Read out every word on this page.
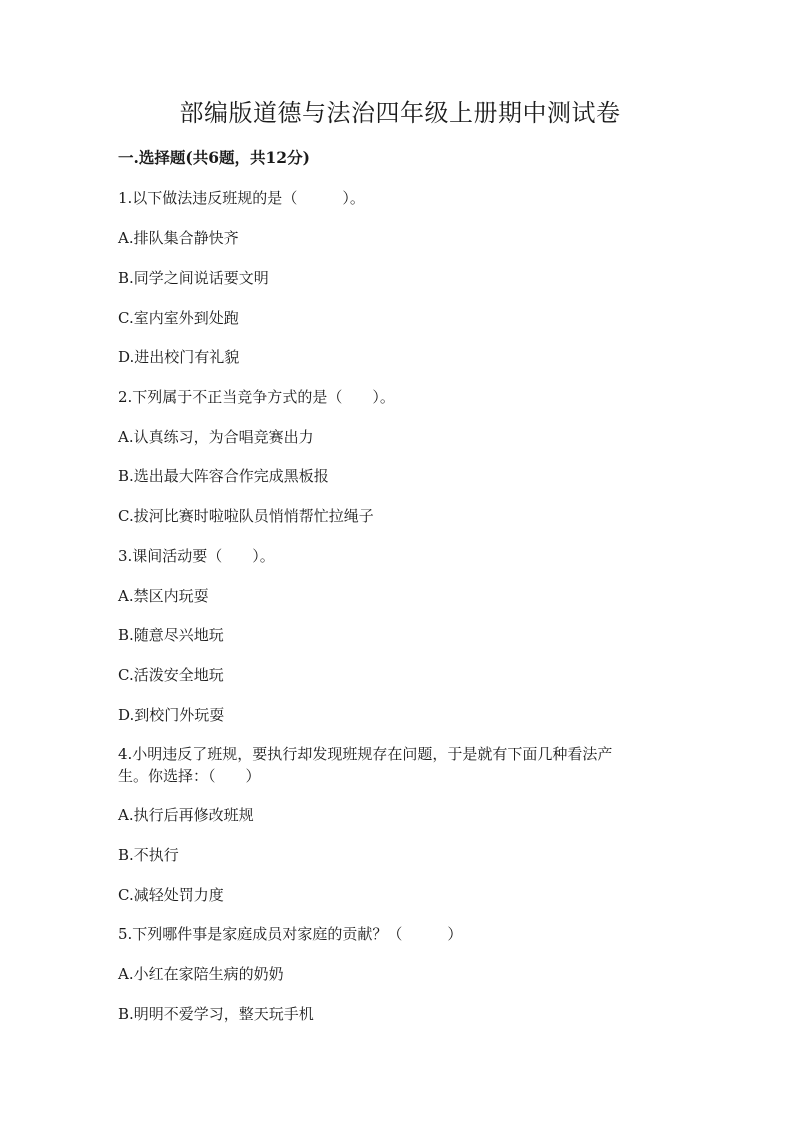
部编版道德与法治四年级上册期中测试卷

一.选择题(共6题，共12分)

1.以下做法违反班规的是（　　　）。

A.排队集合静快齐

B.同学之间说话要文明

C.室内室外到处跑

D.进出校门有礼貌

2.下列属于不正当竞争方式的是（　　）。

A.认真练习，为合唱竞赛出力

B.选出最大阵容合作完成黑板报

C.拔河比赛时啦啦队员悄悄帮忙拉绳子

3.课间活动要（　　）。

A.禁区内玩耍

B.随意尽兴地玩

C.活泼安全地玩

D.到校门外玩耍

4.小明违反了班规，要执行却发现班规存在问题，于是就有下面几种看法产

生。你选择：（　　）

A.执行后再修改班规

B.不执行

C.减轻处罚力度

5.下列哪件事是家庭成员对家庭的贡献？（　　　）

A.小红在家陪生病的奶奶

B.明明不爱学习，整天玩手机
